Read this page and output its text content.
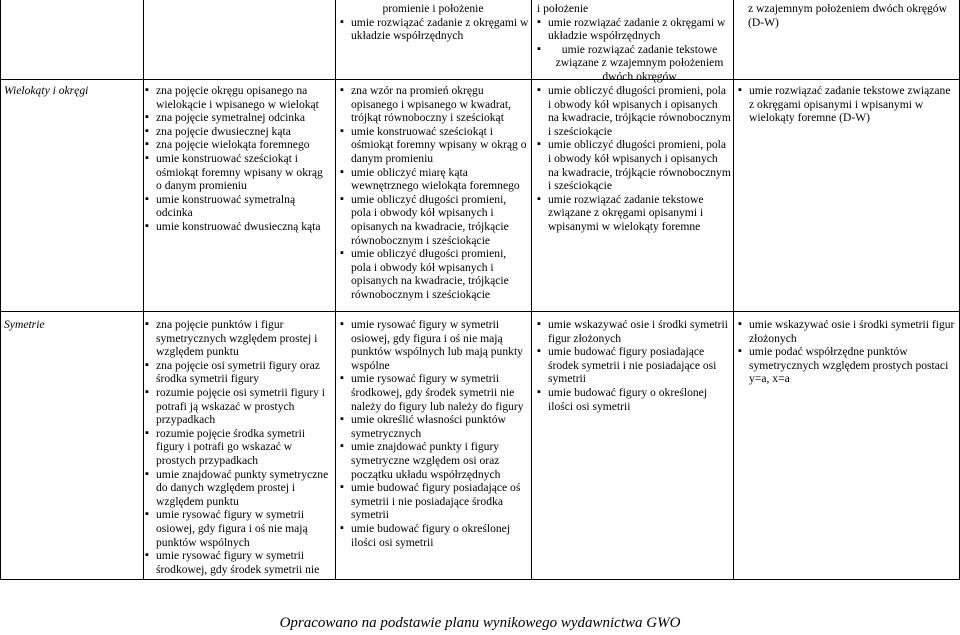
promienie i położenie
▪ umie rozwiązać zadanie z okręgami w układzie współrzędnych
i położenie
▪ umie rozwiązać zadanie z okręgami w układzie współrzędnych
▪ umie rozwiązać zadanie tekstowe związane z wzajemnym położeniem dwóch okręgów
z wzajemnym położeniem dwóch okręgów (D-W)
Wielokąty i okręgi	▪ zna pojęcie okręgu opisanego na wielokącie i wpisanego w wielokąt
▪ zna pojęcie symetralnej odcinka
▪ zna pojęcie dwusiecznej kąta
▪ zna pojęcie wielokąta foremnego
▪ umie konstruować sześciokąt i ośmiokąt foremny wpisany w okrąg o danym promieniu
▪ umie konstruować symetralną odcinka
▪ umie konstruować dwusieczną kąta
▪ zna wzór na promień okręgu opisanego i wpisanego w kwadrat, trójkąt równoboczny i sześciokąt
▪ umie konstruować sześciokąt i ośmiokąt foremny wpisany w okrąg o danym promieniu
▪ umie obliczyć miarę kąta wewnętrznego wielokąta foremnego
▪ umie obliczyć długości promieni, pola i obwody kół wpisanych i opisanych na kwadracie, trójkącie równobocznym i sześciokącie
▪ umie obliczyć długości promieni, pola i obwody kół wpisanych i opisanych na kwadracie, trójkącie równobocznym i sześciokącie
▪ umie obliczyć długości promieni, pola i obwody kół wpisanych i opisanych na kwadracie, trójkącie równobocznym i sześciokącie
▪ umie obliczyć długości promieni, pola i obwody kół wpisanych i opisanych na kwadracie, trójkącie równobocznym i sześciokącie
▪ umie rozwiązać zadanie tekstowe związane z okręgami opisanymi i wpisanymi w wielokąty foremne
▪ umie rozwiązać zadanie tekstowe związane z okręgami opisanymi i wpisanymi w wielokąty foremne (D-W)
Symetrie	▪ zna pojęcie punktów i figur symetrycznych względem prostej i względem punktu
▪ zna pojęcie osi symetrii figury oraz środka symetrii figury
▪ rozumie pojęcie osi symetrii figury i potrafi ją wskazać w prostych przypadkach
▪ rozumie pojęcie środka symetrii figury i potrafi go wskazać w prostych przypadkach
▪ umie znajdować punkty symetryczne do danych względem prostej i względem punktu
▪ umie rysować figury w symetrii osiowej, gdy figura i oś nie mają punktów wspólnych
▪ umie rysować figury w symetrii środkowej, gdy środek symetrii nie
▪ umie rysować figury w symetrii osiowej, gdy figura i oś nie mają punktów wspólnych lub mają punkty wspólne
▪ umie rysować figury w symetrii środkowej, gdy środek symetrii nie należy do figury lub należy do figury
▪ umie określić własności punktów symetrycznych
▪ umie znajdować punkty i figury symetryczne względem osi oraz początku układu współrzędnych
▪ umie budować figury posiadające oś symetrii i nie posiadające środka symetrii
▪ umie budować figury o określonej ilości osi symetrii
▪ umie wskazywać osie i środki symetrii figur złożonych
▪ umie budować figury posiadające środek symetrii i nie posiadające osi symetrii
▪ umie budować figury o określonej ilości osi symetrii
▪ umie wskazywać osie i środki symetrii figur złożonych
▪ umie podać współrzędne punktów symetrycznych względem prostych postaci y=a, x=a
Opracowano na podstawie planu wynikowego wydawnictwa GWO
